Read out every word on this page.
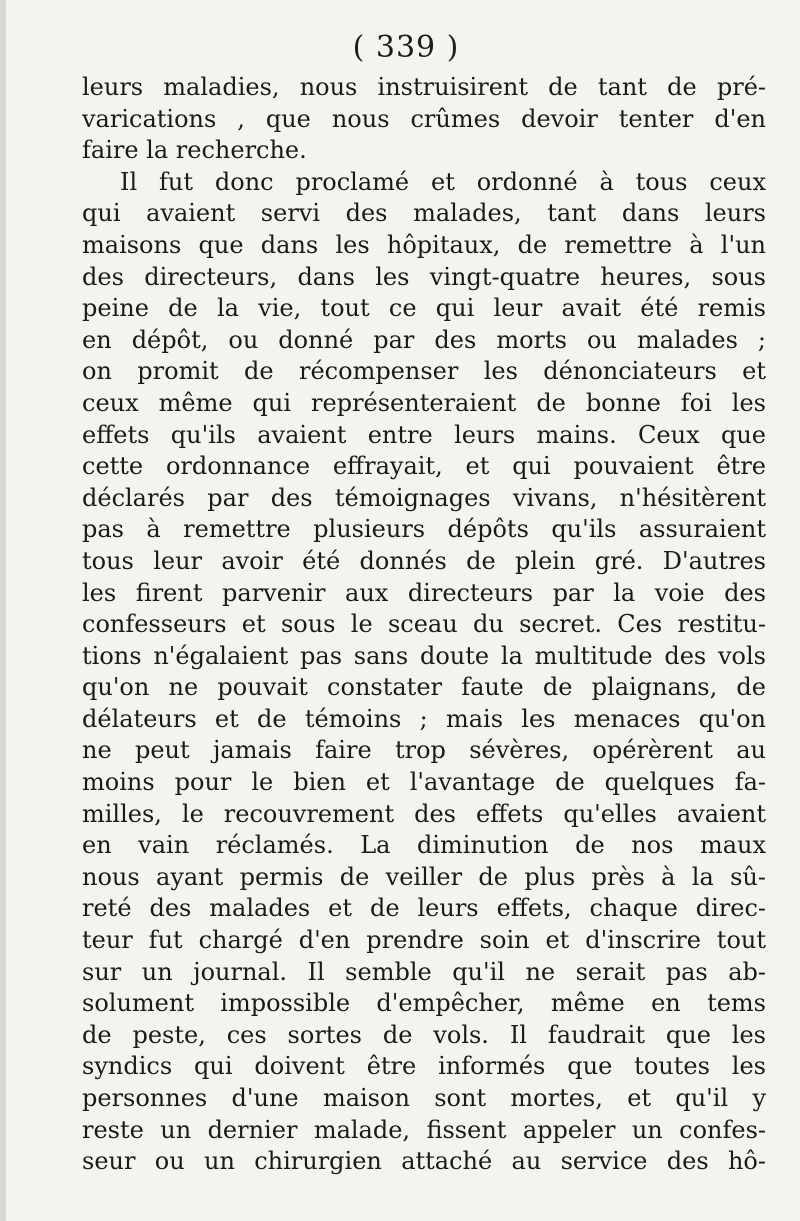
( 339 )
leurs maladies, nous instruisirent de tant de pré-
varications , que nous crûmes devoir tenter d'en
faire la recherche.
Il fut donc proclamé et ordonné à tous ceux
qui avaient servi des malades, tant dans leurs
maisons que dans les hôpitaux, de remettre à l'un
des directeurs, dans les vingt-quatre heures, sous
peine de la vie, tout ce qui leur avait été remis
en dépôt, ou donné par des morts ou malades ;
on promit de récompenser les dénonciateurs et
ceux même qui représenteraient de bonne foi les
effets qu'ils avaient entre leurs mains. Ceux que
cette ordonnance effrayait, et qui pouvaient être
déclarés par des témoignages vivans, n'hésitèrent
pas à remettre plusieurs dépôts qu'ils assuraient
tous leur avoir été donnés de plein gré. D'autres
les firent parvenir aux directeurs par la voie des
confesseurs et sous le sceau du secret. Ces restitu-
tions n'égalaient pas sans doute la multitude des vols
qu'on ne pouvait constater faute de plaignans, de
délateurs et de témoins ; mais les menaces qu'on
ne peut jamais faire trop sévères, opérèrent au
moins pour le bien et l'avantage de quelques fa-
milles, le recouvrement des effets qu'elles avaient
en vain réclamés. La diminution de nos maux
nous ayant permis de veiller de plus près à la sû-
reté des malades et de leurs effets, chaque direc-
teur fut chargé d'en prendre soin et d'inscrire tout
sur un journal. Il semble qu'il ne serait pas ab-
solument impossible d'empêcher, même en tems
de peste, ces sortes de vols. Il faudrait que les
syndics qui doivent être informés que toutes les
personnes d'une maison sont mortes, et qu'il y
reste un dernier malade, fissent appeler un confes-
seur ou un chirurgien attaché au service des hô-
